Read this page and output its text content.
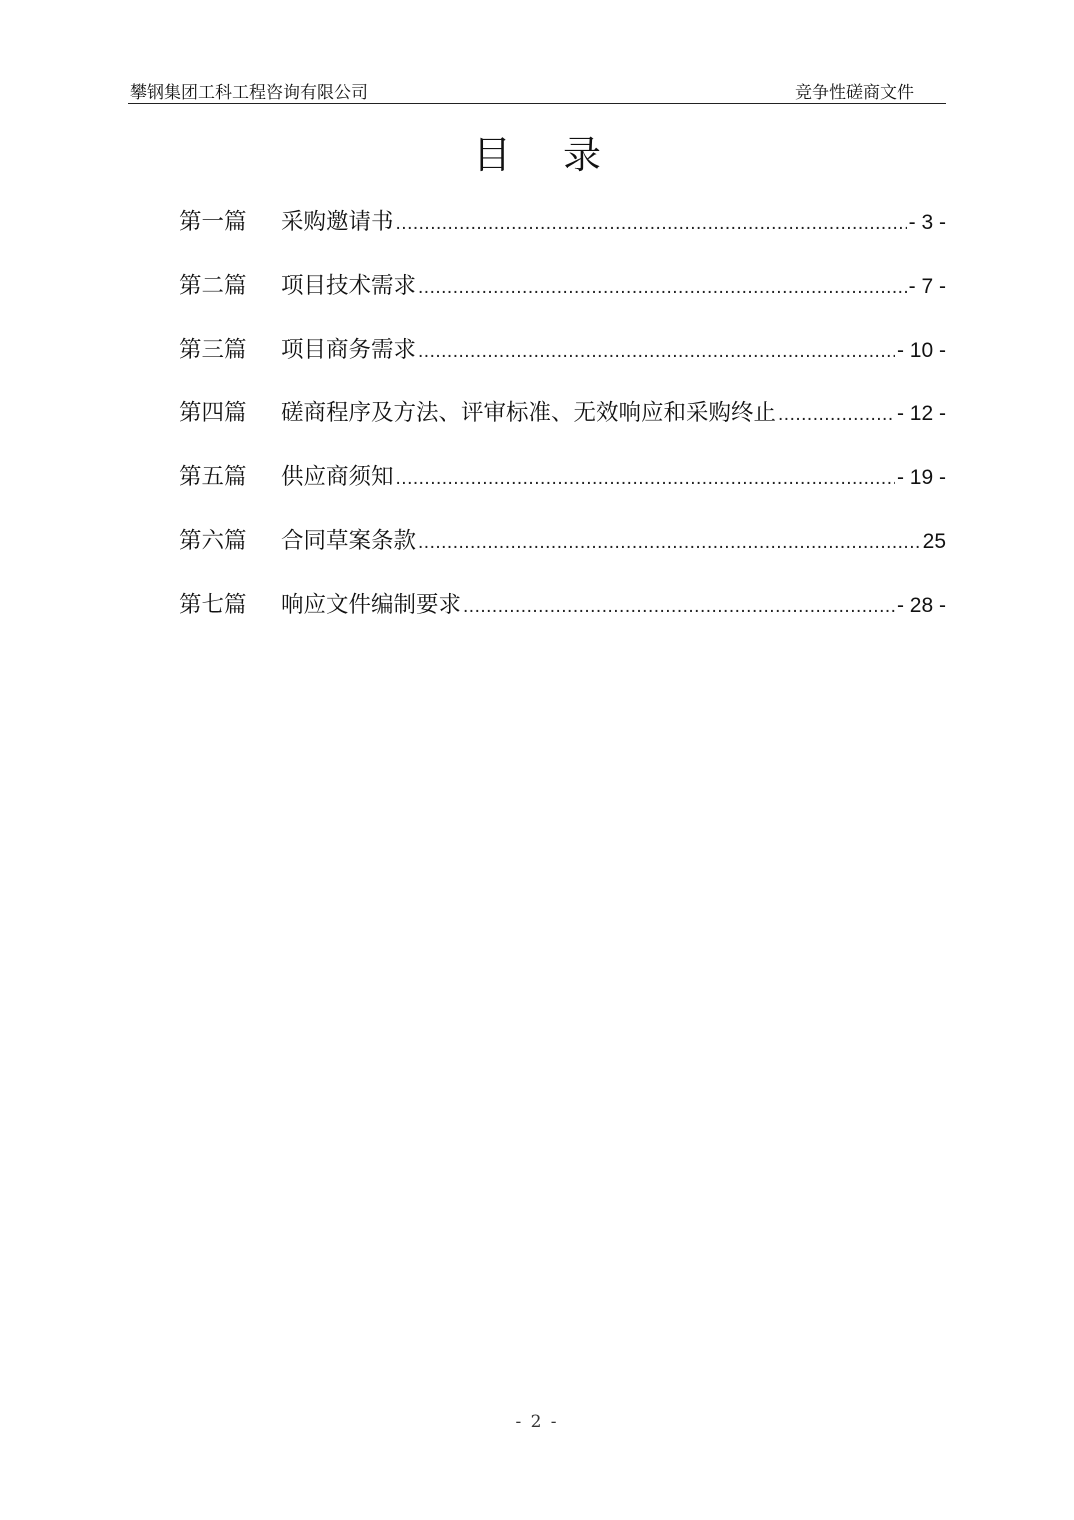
攀钢集团工科工程咨询有限公司	竞争性磋商文件
目录
第一篇	采购邀请书 .....	- 3 -
第二篇	项目技术需求 .....	- 7 -
第三篇	项目商务需求 .....	- 10 -
第四篇	磋商程序及方法、评审标准、无效响应和采购终止 .....	- 12 -
第五篇	供应商须知 .....	- 19 -
第六篇	合同草案条款 .....	25
第七篇	响应文件编制要求 .....	- 28 -
- 2 -
